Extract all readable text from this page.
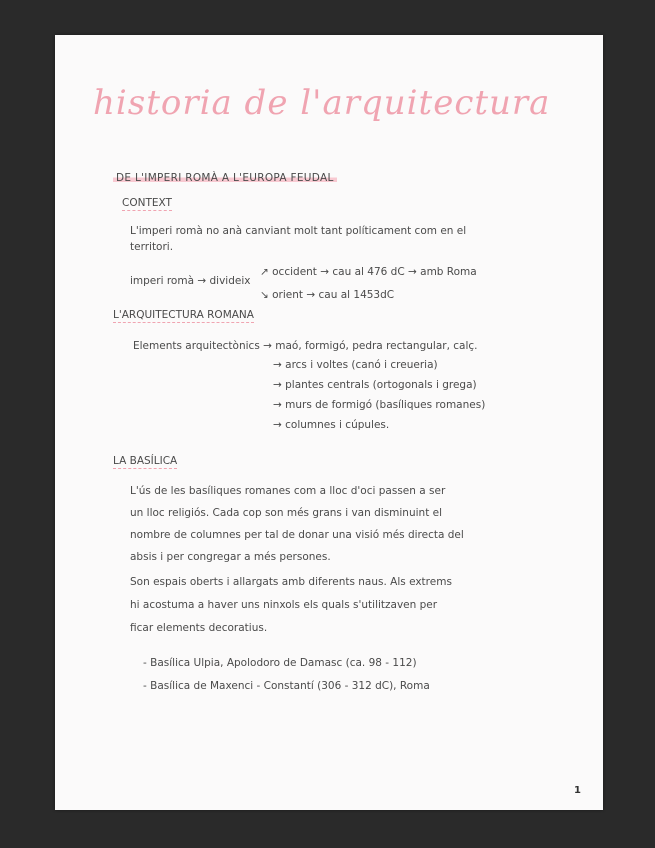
historia de l'arquitectura
DE L'IMPERI ROMÀ A L'EUROPA FEUDAL
CONTEXT
L'imperi romà no anà canviant molt tant políticament com en el
territori.
imperi romà → divideix
↗ occident → cau al 476 dC → amb Roma
↘ orient → cau al 1453dC
L'ARQUITECTURA ROMANA
Elements arquitectònics → maó, formigó, pedra rectangular, calç.
→ arcs i voltes (canó i creueria)
→ plantes centrals (ortogonals i grega)
→ murs de formigó (basíliques romanes)
→ columnes i cúpules.
LA BASÍLICA
L'ús de les basíliques romanes com a lloc d'oci passen a ser
un lloc religiós. Cada cop son més grans i van disminuint el
nombre de columnes per tal de donar una visió més directa del
absis i per congregar a més persones.
Son espais oberts i allargats amb diferents naus. Als extrems
hi acostuma a haver uns ninxols els quals s'utilitzaven per
ficar elements decoratius.
- Basílica Ulpia, Apolodoro de Damasc (ca. 98 - 112)
- Basílica de Maxenci - Constantí (306 - 312 dC), Roma
1
